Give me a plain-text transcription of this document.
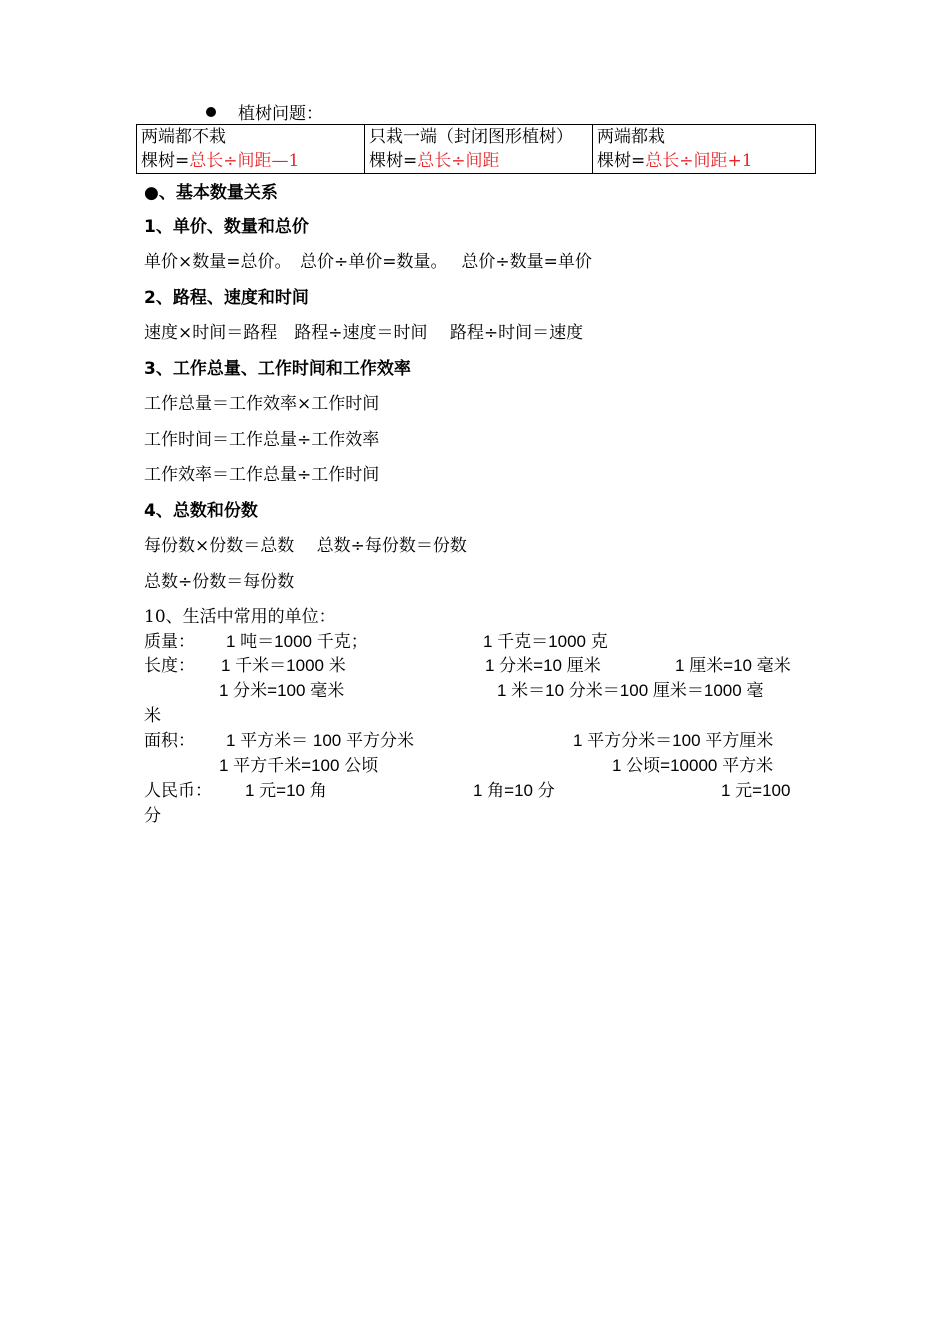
植树问题：
两端都不栽
棵树=总长÷间距—1

只栽一端（封闭图形植树）
棵树=总长÷间距

两端都栽
棵树=总长÷间距+1
●、基本数量关系
1、单价、数量和总价
单价×数量=总价。　总价÷单价=数量。　 总价÷数量=单价
2、路程、速度和时间
速度×时间＝路程　路程÷速度＝时间　 路程÷时间＝速度
3、工作总量、工作时间和工作效率
工作总量＝工作效率×工作时间
工作时间＝工作总量÷工作效率
工作效率＝工作总量÷工作时间
4、总数和份数
每份数×份数＝总数　 总数÷每份数＝份数
总数÷份数＝每份数
10、生活中常用的单位：
质量： 1 吨＝1000 千克；	1 千克＝1000 克
长度： 1 千米＝1000 米	1 分米=10 厘米	1 厘米=10 毫米
1 分米=100 毫米	1 米＝10 分米＝100 厘米＝1000 毫
米
面积： 1 平方米＝ 100 平方分米	1 平方分米＝100 平方厘米
1 平方千米=100 公顷	1 公顷=10000 平方米
人民币： 1 元=10 角	1 角=10 分	1 元=100
分
